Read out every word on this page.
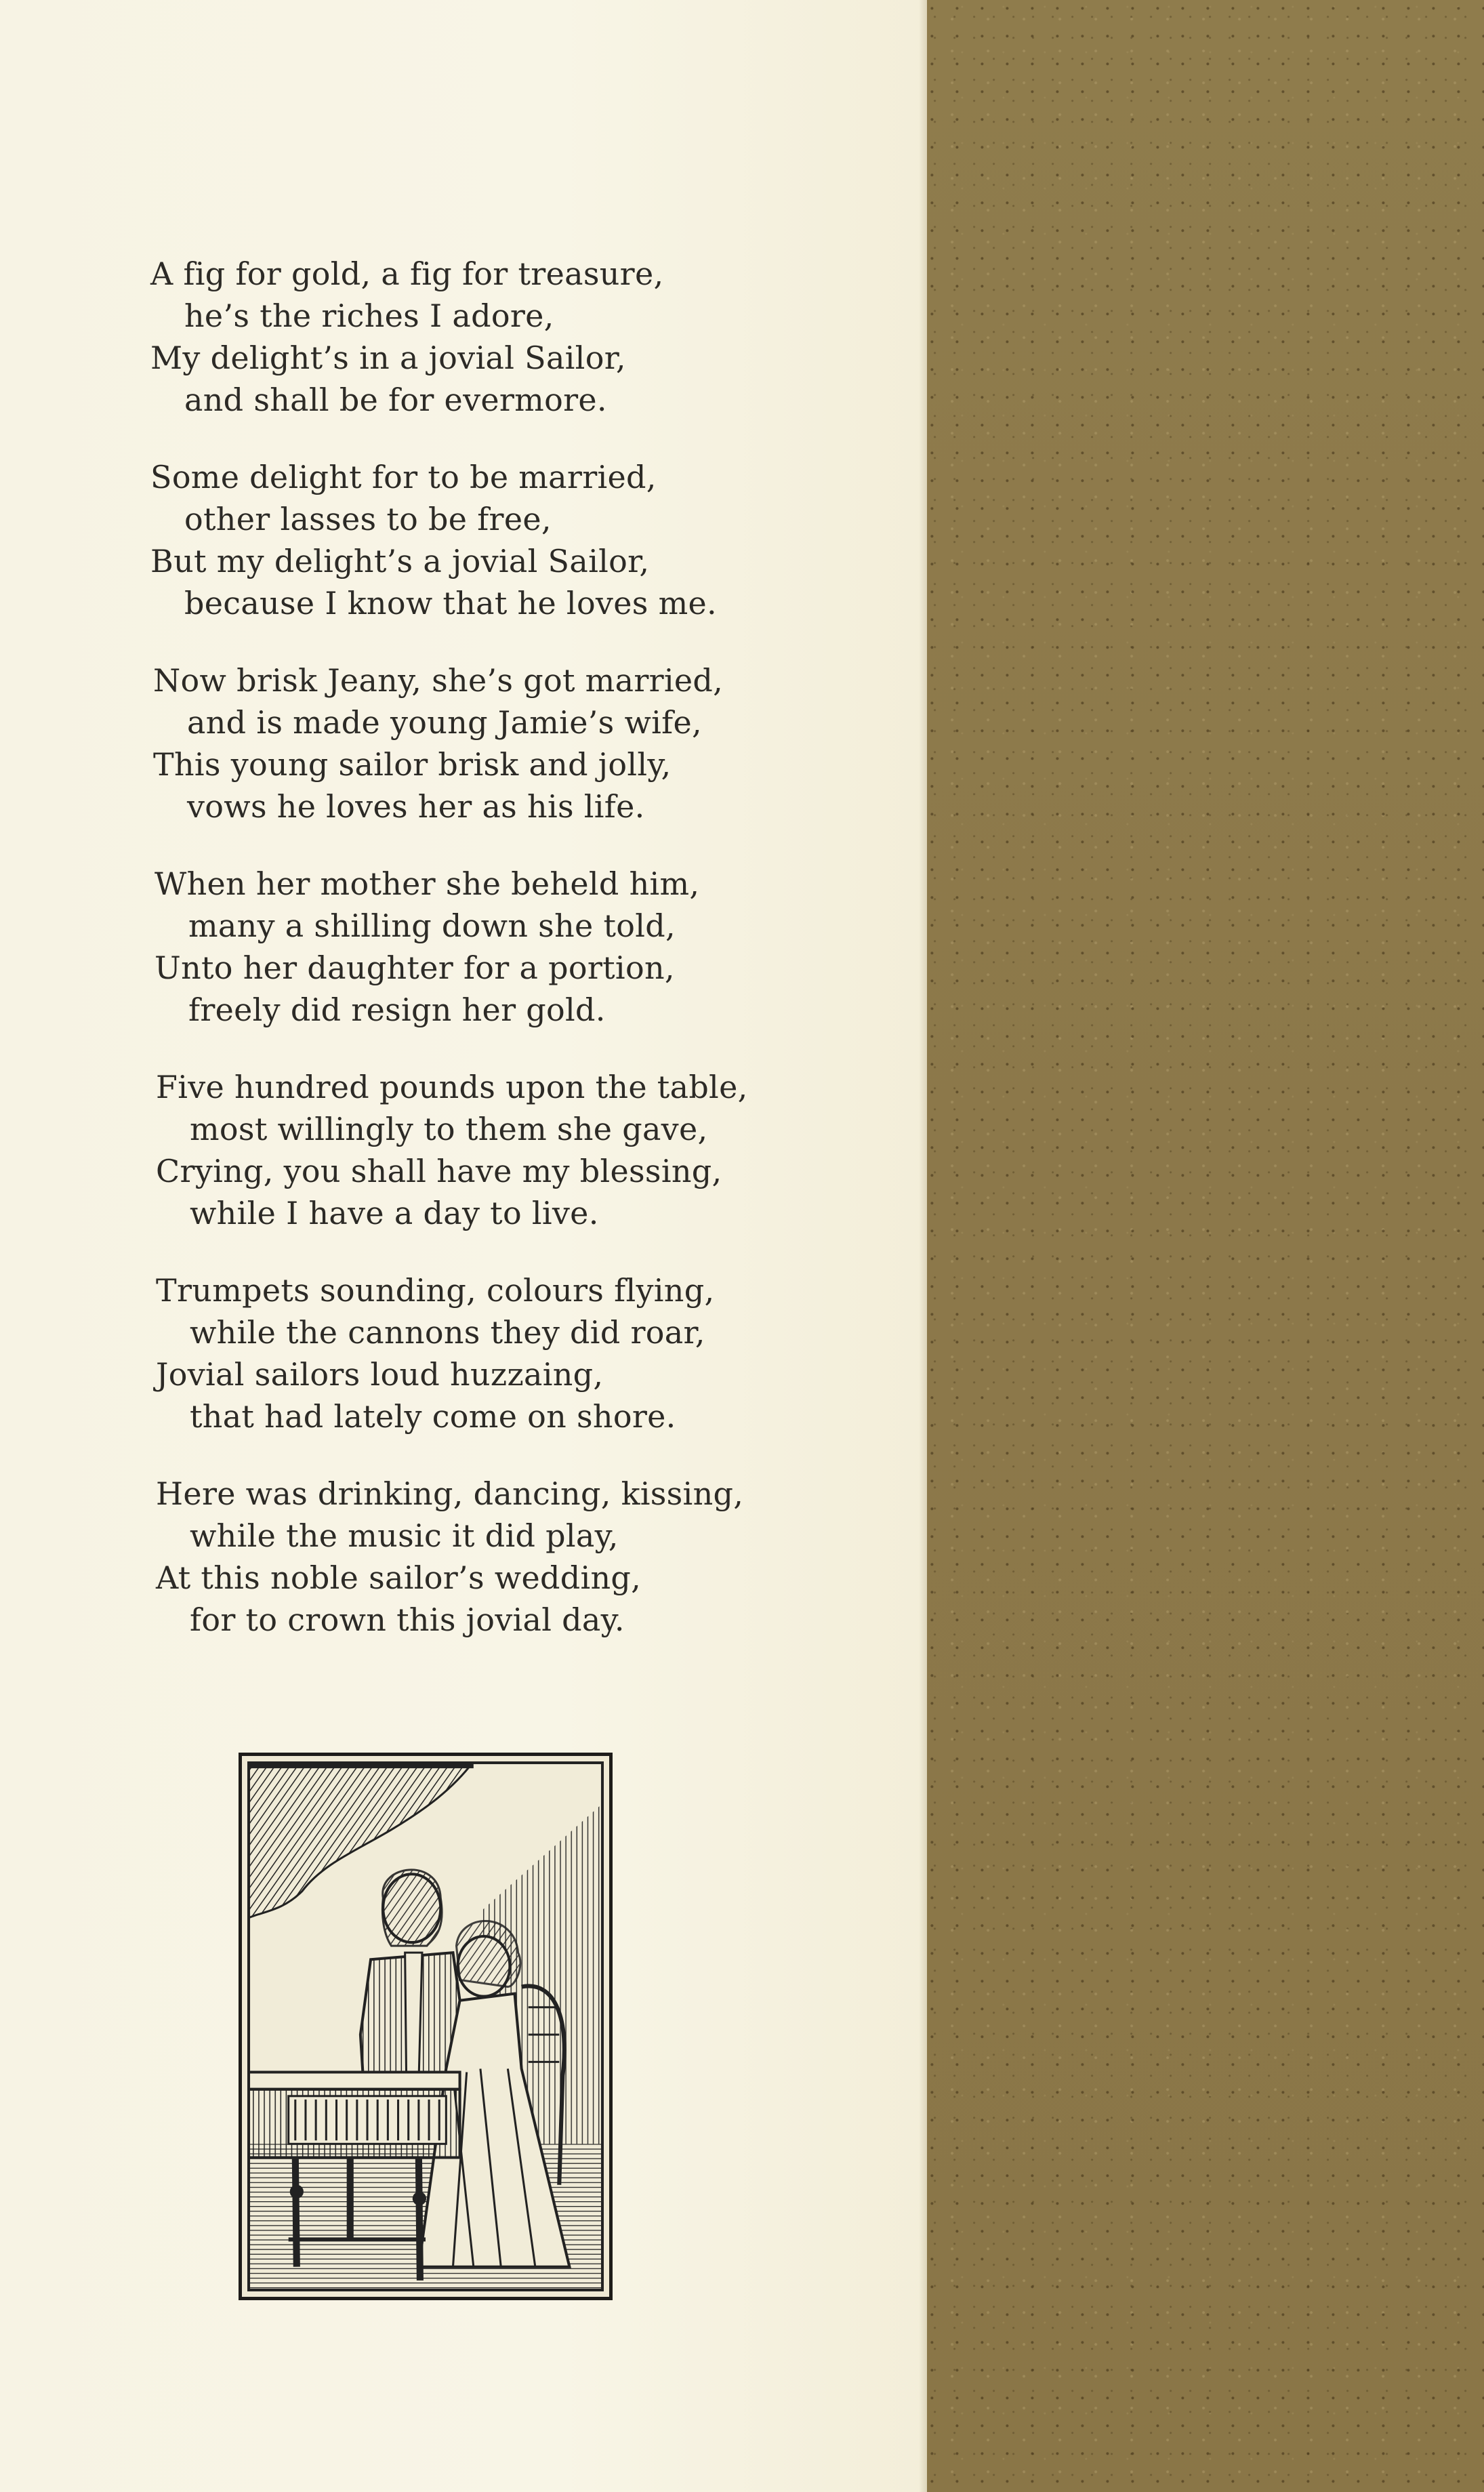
A fig for gold, a fig for treasure,
he’s the riches I adore,
My delight’s in a jovial Sailor,
and shall be for evermore.
Some delight for to be married,
other lasses to be free,
But my delight’s a jovial Sailor,
because I know that he loves me.
Now brisk Jeany, she’s got married,
and is made young Jamie’s wife,
This young sailor brisk and jolly,
vows he loves her as his life.
When her mother she beheld him,
many a shilling down she told,
Unto her daughter for a portion,
freely did resign her gold.
Five hundred pounds upon the table,
most willingly to them she gave,
Crying, you shall have my blessing,
while I have a day to live.
Trumpets sounding, colours flying,
while the cannons they did roar,
Jovial sailors loud huzzaing,
that had lately come on shore.
Here was drinking, dancing, kissing,
while the music it did play,
At this noble sailor’s wedding,
for to crown this jovial day.
